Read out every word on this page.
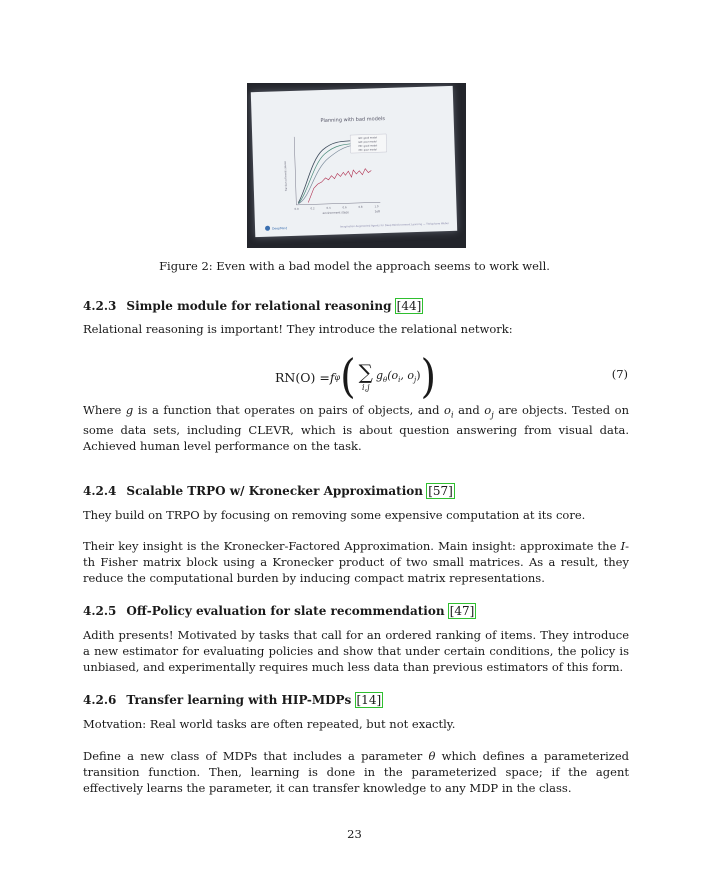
Planning with bad models
fraction of levels solved
environment steps	1e8
0.0	0.2	0.4	0.6	0.8	1.0
I2A: good model
I2A: poor model
MC: good model
MC: poor model
DeepMind	Imagination-Augmented Agents for Deep Reinforcement Learning — Théophane Weber
Figure 2: Even with a bad model the approach seems to work well.
4.2.3 Simple module for relational reasoning [44]
Relational reasoning is important! They introduce the relational network:
RN(O) = f φ ( ∑
i,j
$g_\theta(o_i$, $o_j$) )	(7)
Where g is a function that operates on pairs of objects, and $o_i$ and $o_j$ are objects. Tested on some data sets, including CLEVR, which is about question answering from visual data. Achieved human level performance on the task.
4.2.4 Scalable TRPO w/ Kronecker Approximation [57]
They build on TRPO by focusing on removing some expensive computation at its core.
Their key insight is the Kronecker-Factored Approximation. Main insight: approximate the I-th Fisher matrix block using a Kronecker product of two small matrices. As a result, they reduce the computational burden by inducing compact matrix representations.
4.2.5 Off-Policy evaluation for slate recommendation [47]
Adith presents! Motivated by tasks that call for an ordered ranking of items. They introduce a new estimator for evaluating policies and show that under certain conditions, the policy is unbiased, and experimentally requires much less data than previous estimators of this form.
4.2.6 Transfer learning with HIP-MDPs [14]
Motvation: Real world tasks are often repeated, but not exactly.
Define a new class of MDPs that includes a parameter θ which defines a parameterized transition function. Then, learning is done in the parameterized space; if the agent effectively learns the parameter, it can transfer knowledge to any MDP in the class.
23
